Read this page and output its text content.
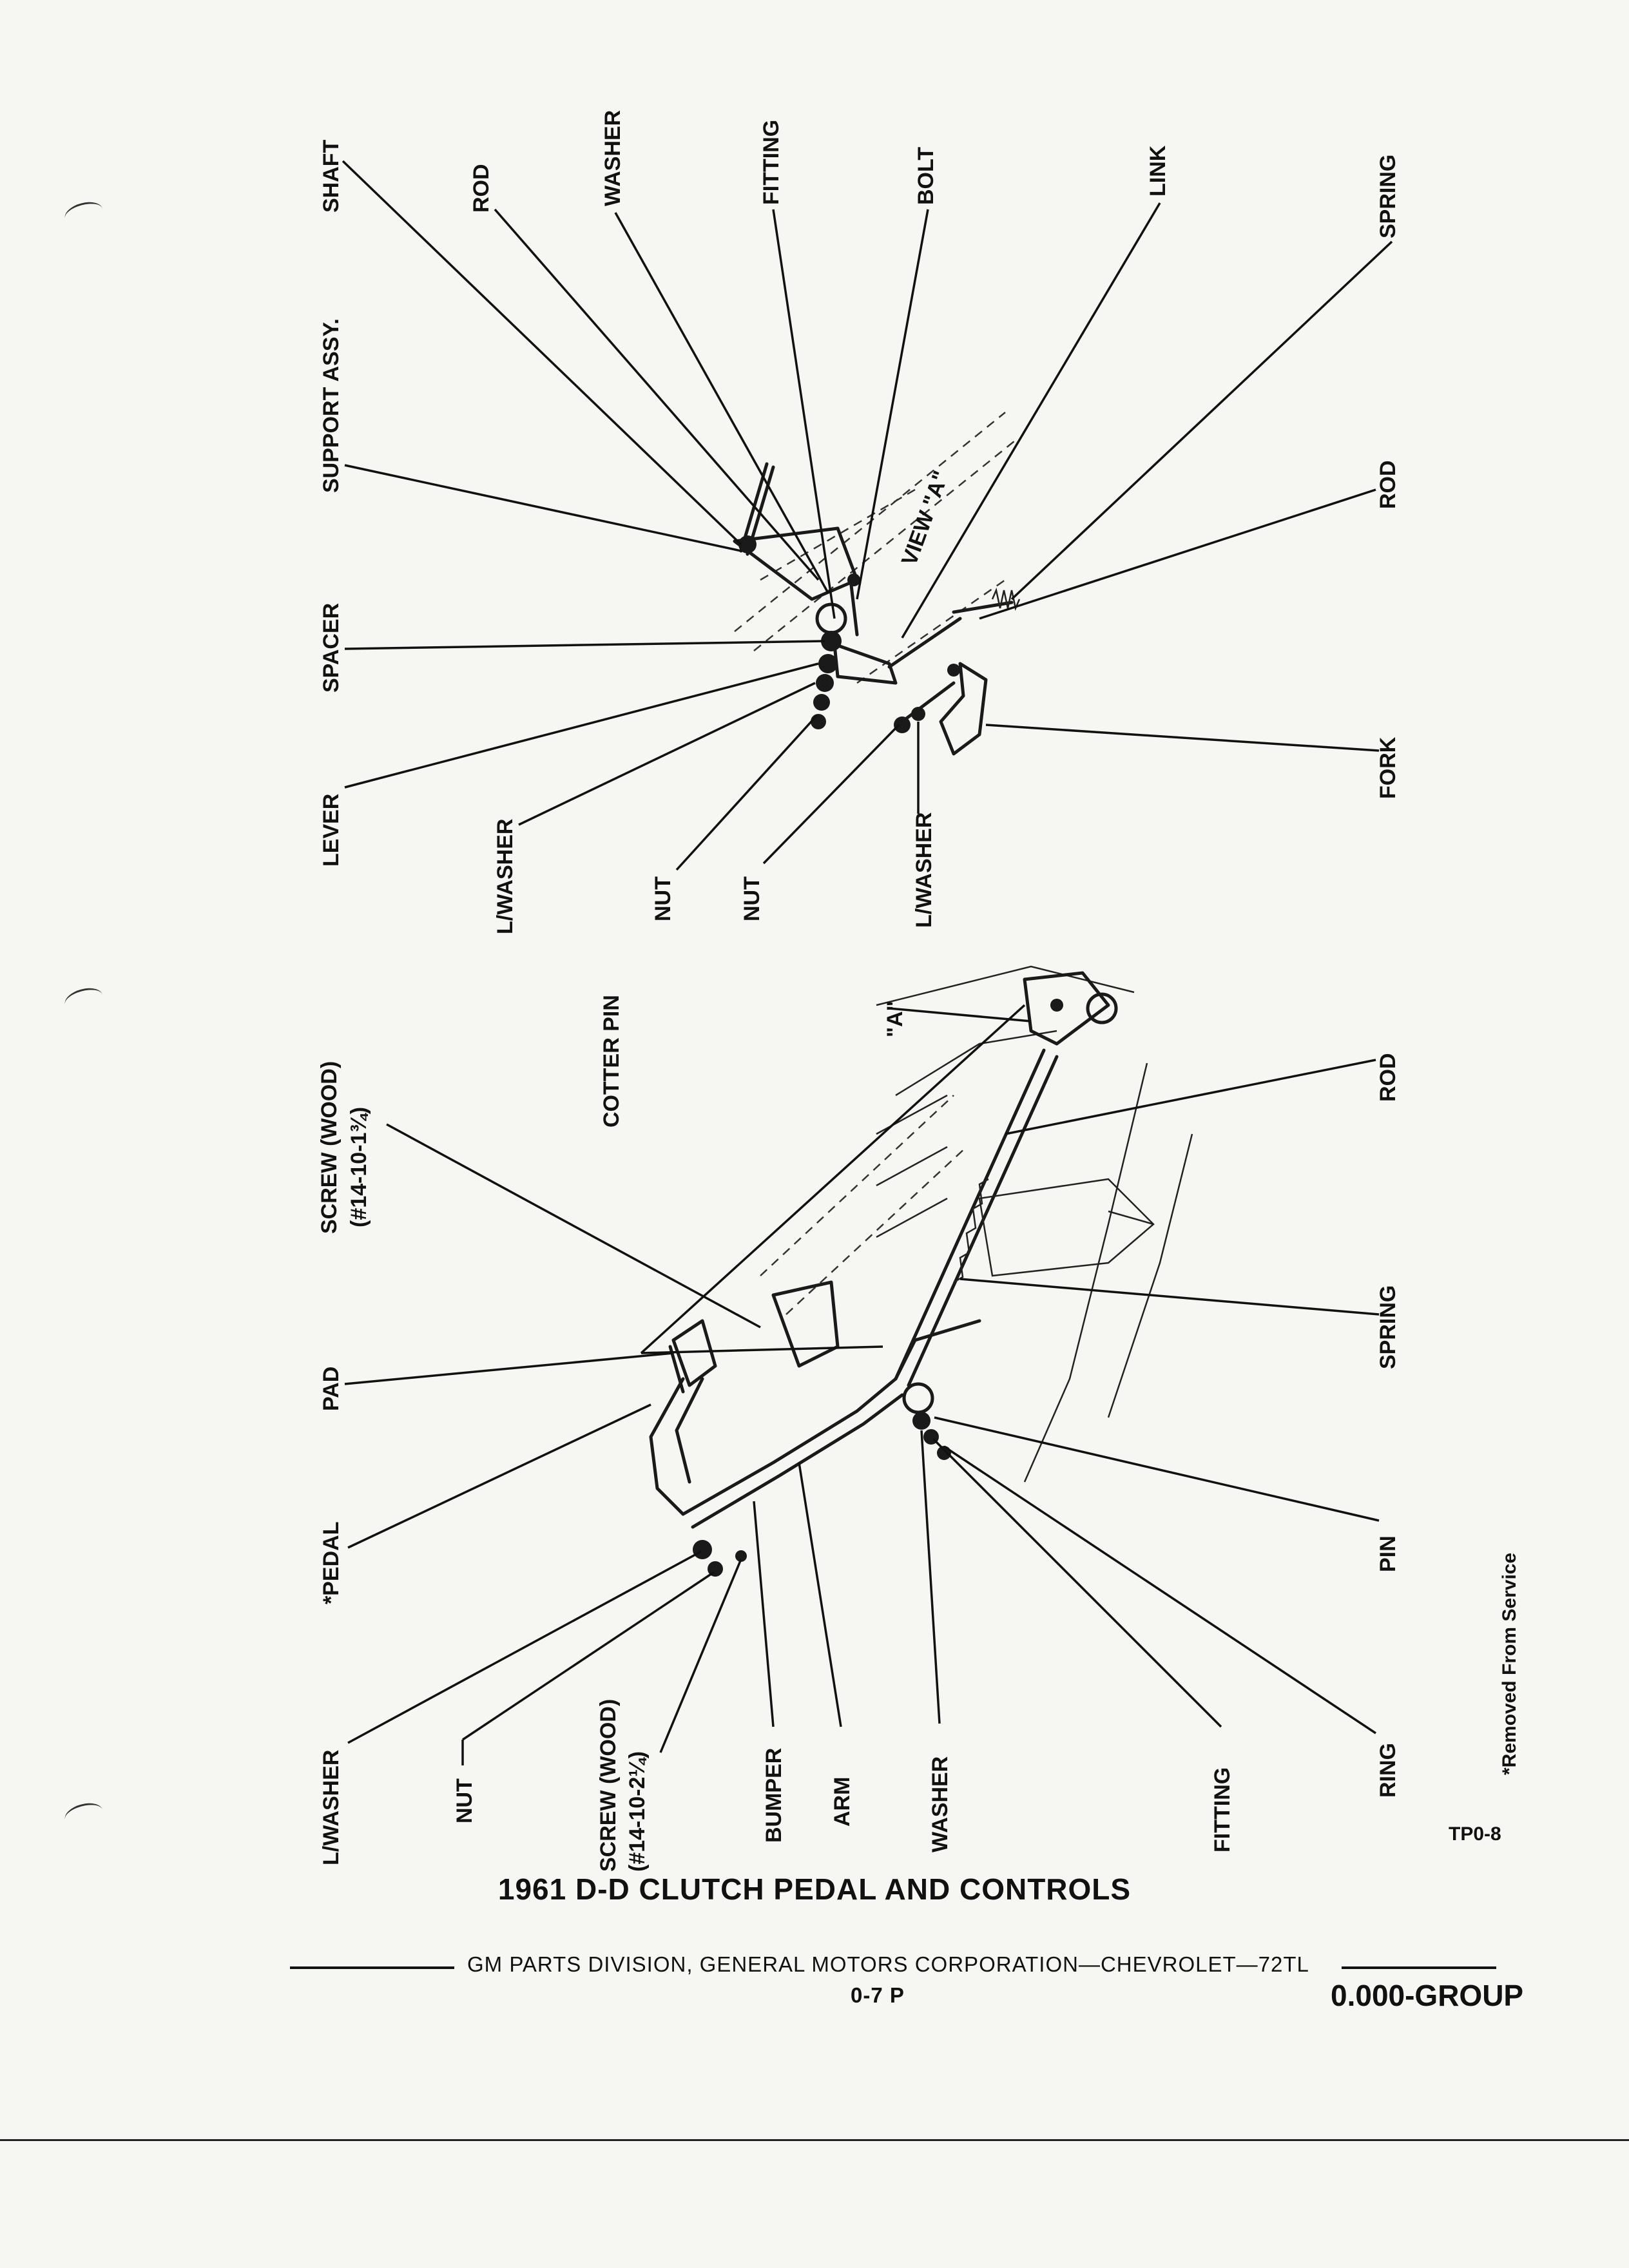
SHAFT	ROD	WASHER	FITTING	BOLT	LINK	SPRING
SUPPORT ASSY.
VIEW "A"	ROD
SPACER
FORK
LEVER	L/WASHER	NUT	NUT	L/WASHER
SCREW (WOOD) (#14-10-1¾)
COTTER PIN	"A"
ROD
PAD
SPRING
*PEDAL	PIN	*Removed From Service
L/WASHER	NUT	SCREW (WOOD) (#14-10-2¼)	BUMPER ARM	WASHER	FITTING	RING
TP0-8
1961 D-D CLUTCH PEDAL AND CONTROLS
GM PARTS DIVISION, GENERAL MOTORS CORPORATION—CHEVROLET—72TL
0-7 P	0.000-GROUP
